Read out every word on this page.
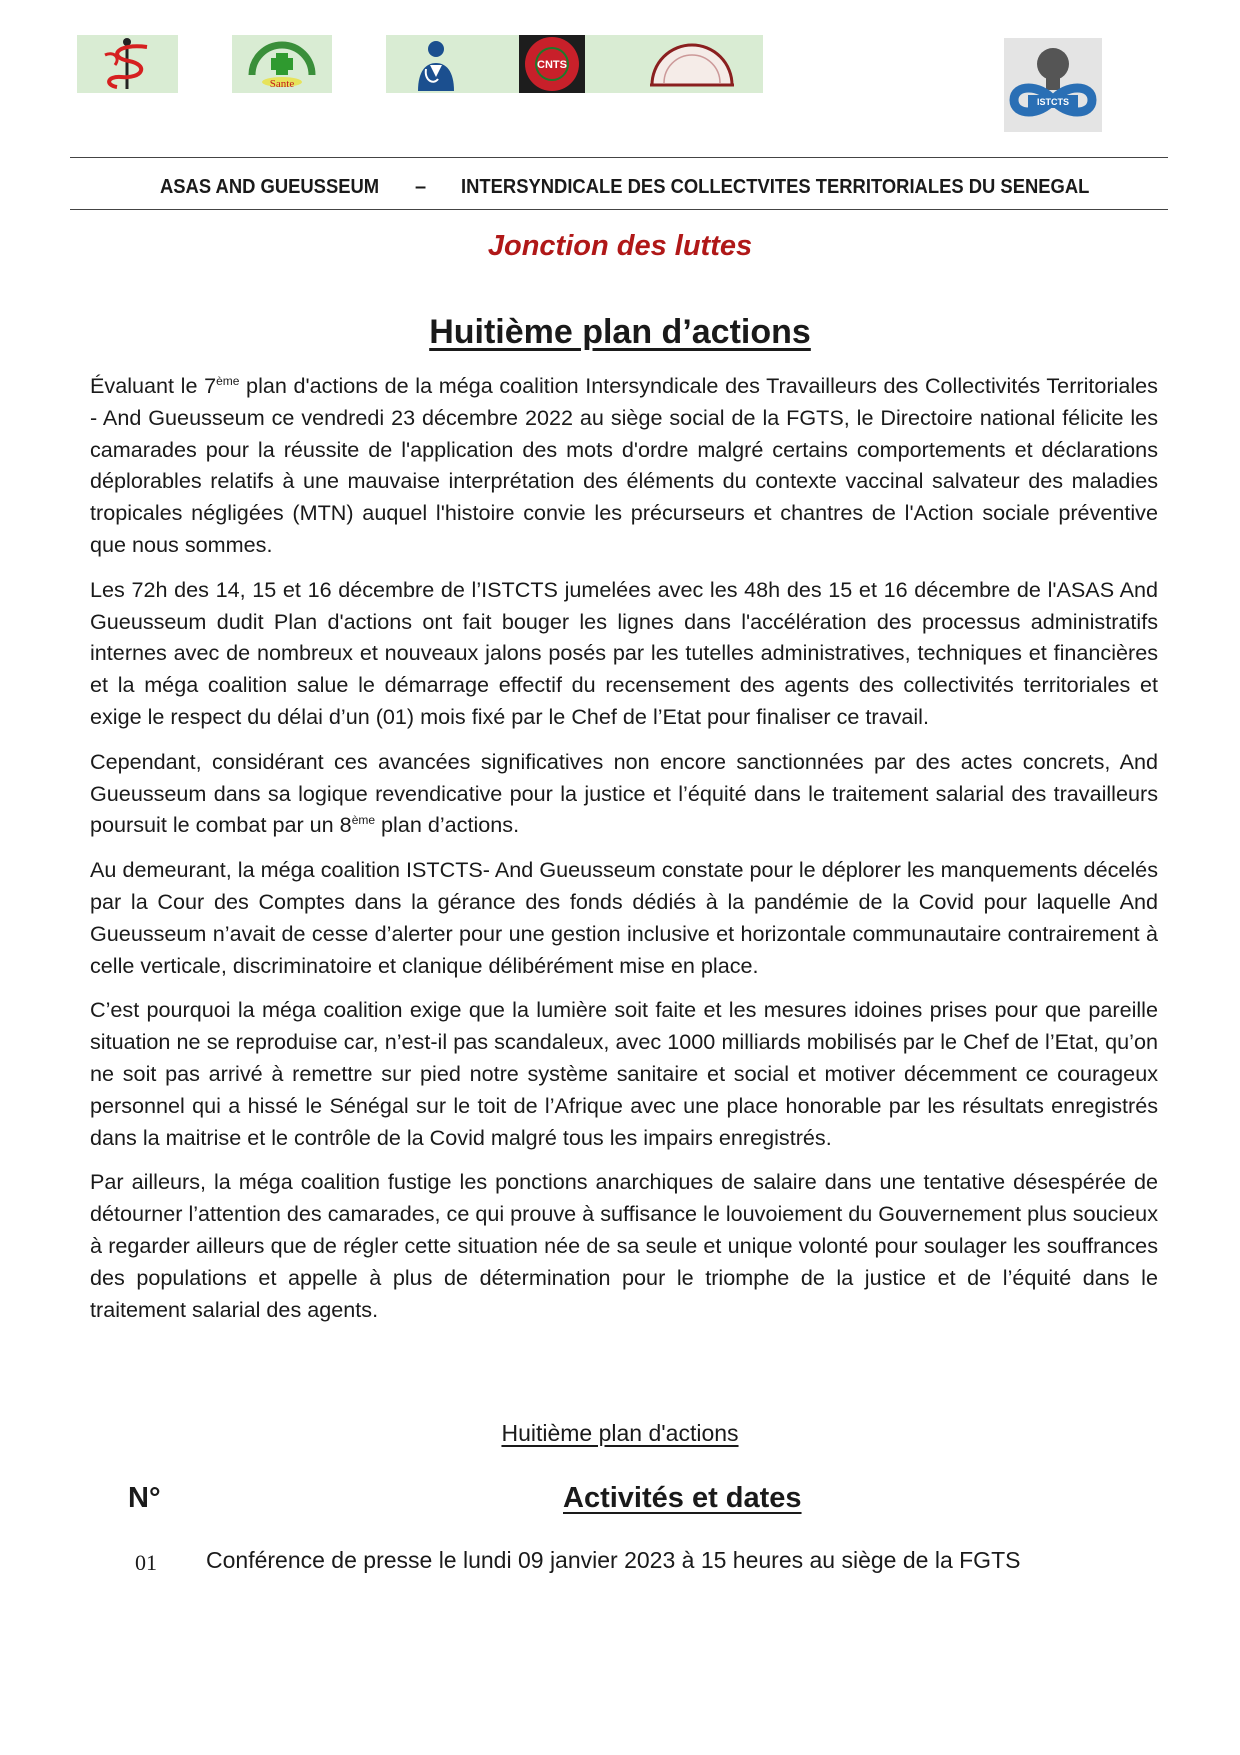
Sante
CNTS
ISTCTS
ASAS AND GUEUSSEUM – INTERSYNDICALE DES COLLECTVITES TERRITORIALES DU SENEGAL
Jonction des luttes
Huitième plan d’actions

Évaluant le 7ème plan d'actions de la méga coalition Intersyndicale des Travailleurs des Collectivités Territoriales - And Gueusseum ce vendredi 23 décembre 2022 au siège social de la FGTS, le Directoire national félicite les camarades pour la réussite de l'application des mots d'ordre malgré certains comportements et déclarations déplorables relatifs à une mauvaise interprétation des éléments du contexte vaccinal salvateur des maladies tropicales négligées (MTN) auquel l'histoire convie les précurseurs et chantres de l'Action sociale préventive que nous sommes.

Les 72h des 14, 15 et 16 décembre de l’ISTCTS jumelées avec les 48h des 15 et 16 décembre de l'ASAS And Gueusseum dudit Plan d'actions ont fait bouger les lignes dans l'accélération des processus administratifs internes avec de nombreux et nouveaux jalons posés par les tutelles administratives, techniques et financières et la méga coalition salue le démarrage effectif du recensement des agents des collectivités territoriales et exige le respect du délai d’un (01) mois fixé par le Chef de l’Etat pour finaliser ce travail.

Cependant, considérant ces avancées significatives non encore sanctionnées par des actes concrets, And Gueusseum dans sa logique revendicative pour la justice et l’équité dans le traitement salarial des travailleurs poursuit le combat par un 8ème plan d’actions.

Au demeurant, la méga coalition ISTCTS- And Gueusseum constate pour le déplorer les manquements décelés par la Cour des Comptes dans la gérance des fonds dédiés à la pandémie de la Covid pour laquelle And Gueusseum n’avait de cesse d’alerter pour une gestion inclusive et horizontale communautaire contrairement à celle verticale, discriminatoire et clanique délibérément mise en place.

C’est pourquoi la méga coalition exige que la lumière soit faite et les mesures idoines prises pour que pareille situation ne se reproduise car, n’est-il pas scandaleux, avec 1000 milliards mobilisés par le Chef de l’Etat, qu’on ne soit pas arrivé à remettre sur pied notre système sanitaire et social et motiver décemment ce courageux personnel qui a hissé le Sénégal sur le toit de l’Afrique avec une place honorable par les résultats enregistrés dans la maitrise et le contrôle de la Covid malgré tous les impairs enregistrés.

Par ailleurs, la méga coalition fustige les ponctions anarchiques de salaire dans une tentative désespérée de détourner l’attention des camarades, ce qui prouve à suffisance le louvoiement du Gouvernement plus soucieux à regarder ailleurs que de régler cette situation née de sa seule et unique volonté pour soulager les souffrances des populations et appelle à plus de détermination pour le triomphe de la justice et de l’équité dans le traitement salarial des agents.

Huitième plan d'actions
N°	Activités et dates
01 Conférence de presse le lundi 09 janvier 2023 à 15 heures au siège de la FGTS
